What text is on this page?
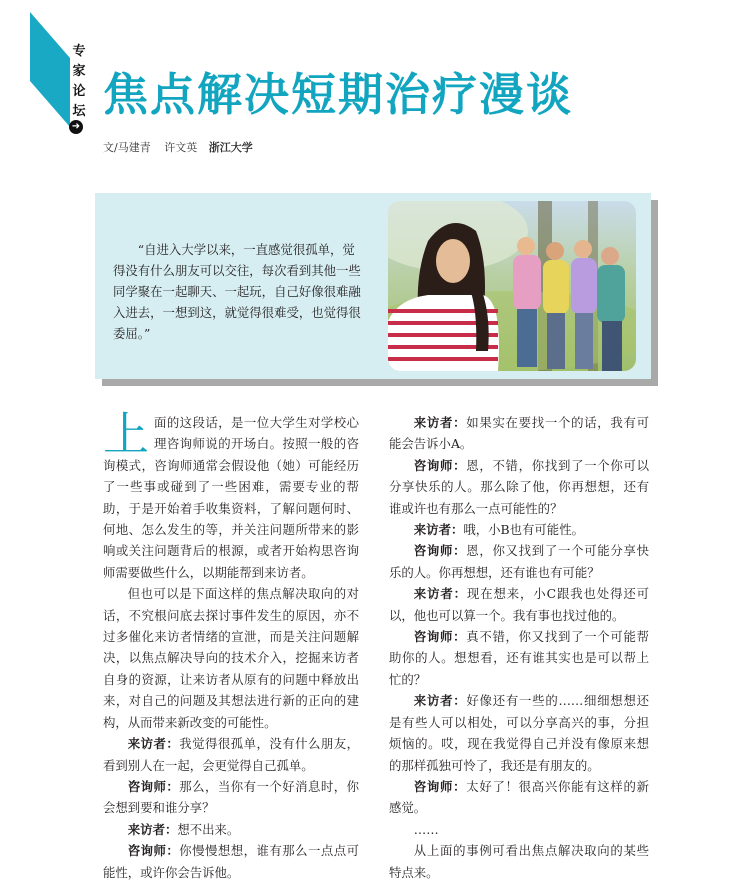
专
家
论
坛
➜
焦点解决短期治疗漫谈
文/马建青 许文英 浙江大学

“自进入大学以来，一直感觉很孤单，觉得没有什么朋友可以交往，每次看到其他一些同学聚在一起聊天、一起玩，自己好像很难融入进去，一想到这，就觉得很难受，也觉得很委屈。”

上面的这段话，是一位大学生对学校心理咨询师说的开场白。按照一般的咨询模式，咨询师通常会假设他（她）可能经历了一些事或碰到了一些困难，需要专业的帮助，于是开始着手收集资料，了解问题何时、何地、怎么发生的等，并关注问题所带来的影响或关注问题背后的根源，或者开始构思咨询师需要做些什么，以期能帮到来访者。

但也可以是下面这样的焦点解决取向的对话，不究根问底去探讨事件发生的原因，亦不过多催化来访者情绪的宣泄，而是关注问题解决，以焦点解决导向的技术介入，挖掘来访者自身的资源，让来访者从原有的问题中释放出来，对自己的问题及其想法进行新的正向的建构，从而带来新改变的可能性。

来访者：我觉得很孤单，没有什么朋友，看到别人在一起，会更觉得自己孤单。

咨询师：那么，当你有一个好消息时，你会想到要和谁分享？

来访者：想不出来。

咨询师：你慢慢想想，谁有那么一点点可能性，或许你会告诉他。

来访者：如果实在要找一个的话，我有可能会告诉小A。

咨询师：恩，不错，你找到了一个你可以分享快乐的人。那么除了他，你再想想，还有谁或许也有那么一点可能性的？

来访者：哦，小B也有可能性。

咨询师：恩，你又找到了一个可能分享快乐的人。你再想想，还有谁也有可能？

来访者：现在想来，小C跟我也处得还可以，他也可以算一个。我有事也找过他的。

咨询师：真不错，你又找到了一个可能帮助你的人。想想看，还有谁其实也是可以帮上忙的？

来访者：好像还有一些的……细细想想还是有些人可以相处，可以分享高兴的事，分担烦恼的。哎，现在我觉得自己并没有像原来想的那样孤独可怜了，我还是有朋友的。

咨询师：太好了！很高兴你能有这样的新感觉。

……

从上面的事例可看出焦点解决取向的某些特点来。
